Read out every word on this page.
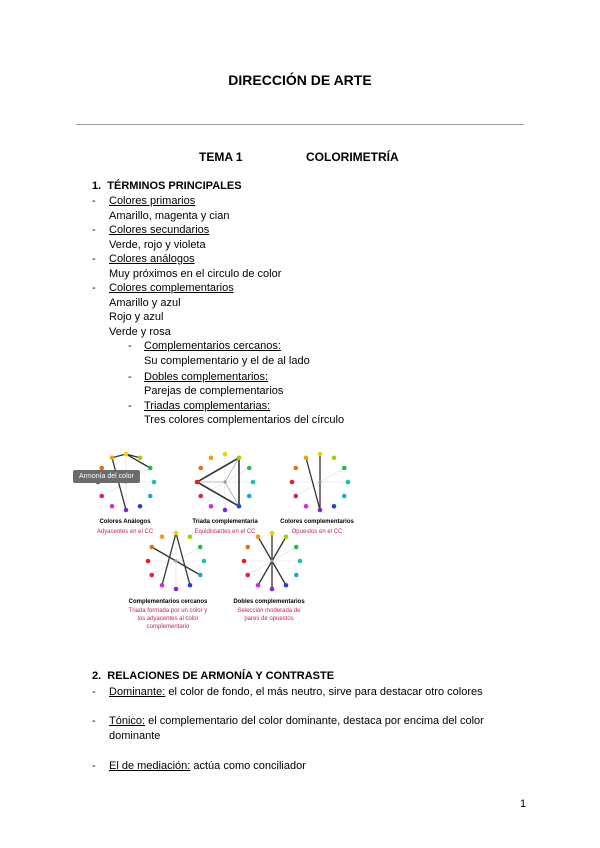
DIRECCIÓN DE ARTE
TEMA 1	COLORIMETRÍA
1.  TÉRMINOS PRINCIPALES
- Colores primarios
Amarillo, magenta y cian
- Colores secundarios
Verde, rojo y violeta
- Colores análogos
Muy próximos en el circulo de color
- Colores complementarios
Amarillo y azul
Rojo y azul
Verde y rosa
- Complementarios cercanos:
Su complementario y el de al lado
- Dobles complementarios:
Parejas de complementarios
- Triadas complementarias:
Tres colores complementarios del círculo
Armonía del color
Colores Análogos
Adyacentes en el CC
Triada complementaria
Equidistantes en el CC
Colores complementarios
Opuestos en el CC
Complementarios cercanos
Triada formada por un color y los adyacentes al color complementario
Dobles complementarios
Selección moderada de pares de opuestos
2.  RELACIONES DE ARMONÍA Y CONTRASTE
- Dominante: el color de fondo, el más neutro, sirve para destacar otro colores
- Tónico: el complementario del color dominante, destaca por encima del color
dominante
- El de mediación: actúa como conciliador
1
